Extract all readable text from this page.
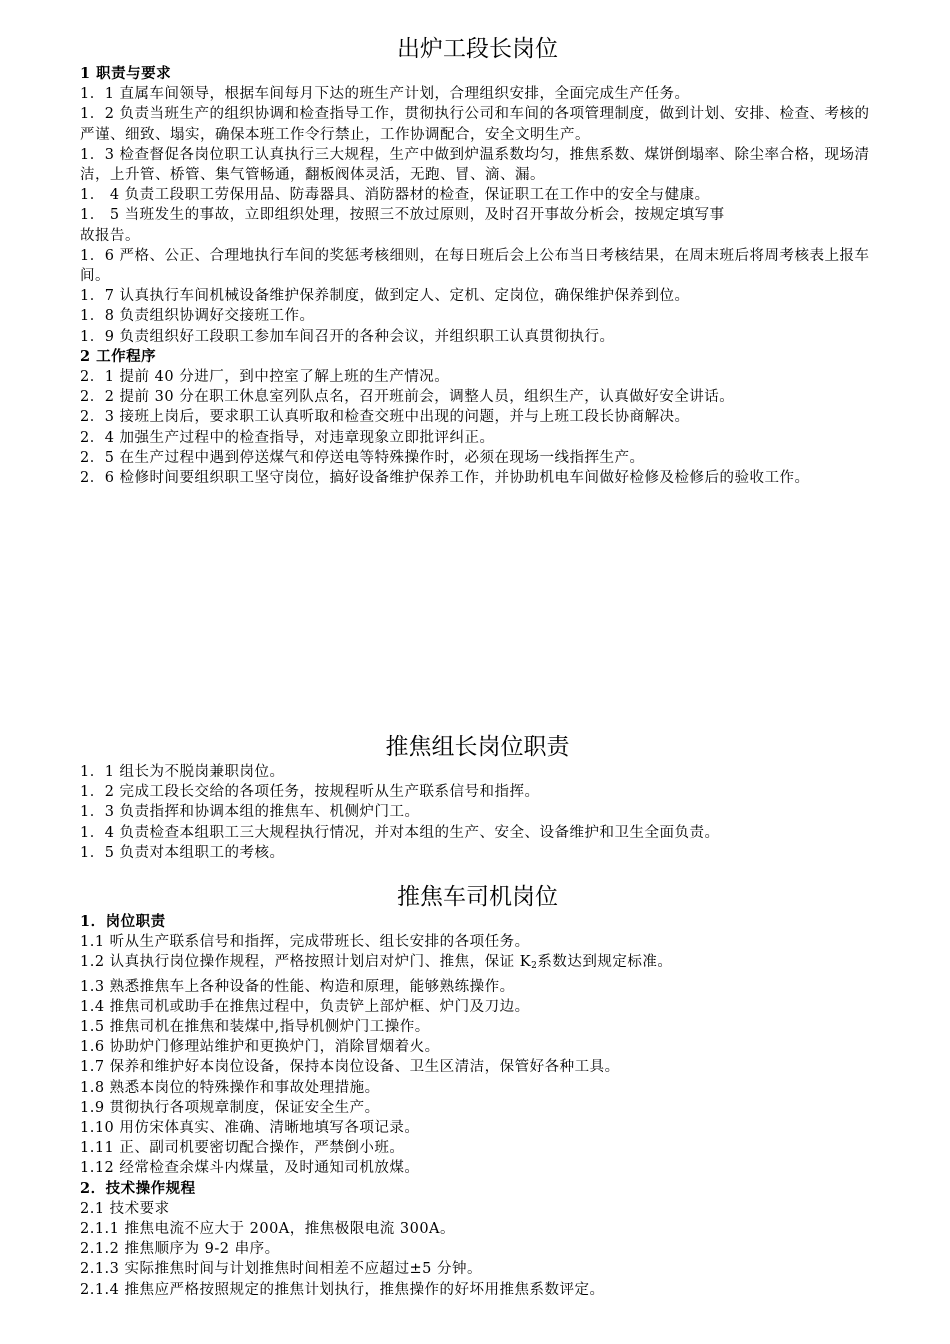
出炉工段长岗位

1 职责与要求

1．1 直属车间领导，根据车间每月下达的班生产计划，合理组织安排，全面完成生产任务。

1．2 负责当班生产的组织协调和检查指导工作，贯彻执行公司和车间的各项管理制度，做到计划、安排、检查、考核的严谨、细致、塌实，确保本班工作令行禁止，工作协调配合，安全文明生产。

1．3 检查督促各岗位职工认真执行三大规程，生产中做到炉温系数均匀，推焦系数、煤饼倒塌率、除尘率合格，现场清洁，上升管、桥管、集气管畅通，翻板阀体灵活，无跑、冒、滴、漏。

1． 4 负责工段职工劳保用品、防毒器具、消防器材的检查，保证职工在工作中的安全与健康。

1． 5 当班发生的事故，立即组织处理，按照三不放过原则，及时召开事故分析会，按规定填写事故报告。

1．6 严格、公正、合理地执行车间的奖惩考核细则，在每日班后会上公布当日考核结果，在周末班后将周考核表上报车间。

1．7 认真执行车间机械设备维护保养制度，做到定人、定机、定岗位，确保维护保养到位。

1．8 负责组织协调好交接班工作。

1．9 负责组织好工段职工参加车间召开的各种会议，并组织职工认真贯彻执行。

2 工作程序

2．1 提前 40 分进厂，到中控室了解上班的生产情况。

2．2 提前 30 分在职工休息室列队点名，召开班前会，调整人员，组织生产，认真做好安全讲话。

2．3 接班上岗后，要求职工认真听取和检查交班中出现的问题，并与上班工段长协商解决。

2．4 加强生产过程中的检查指导，对违章现象立即批评纠正。

2．5 在生产过程中遇到停送煤气和停送电等特殊操作时，必须在现场一线指挥生产。

2．6 检修时间要组织职工坚守岗位，搞好设备维护保养工作，并协助机电车间做好检修及检修后的验收工作。

推焦组长岗位职责

1．1 组长为不脱岗兼职岗位。

1．2 完成工段长交给的各项任务，按规程听从生产联系信号和指挥。

1．3 负责指挥和协调本组的推焦车、机侧炉门工。

1．4 负责检查本组职工三大规程执行情况，并对本组的生产、安全、设备维护和卫生全面负责。

1．5 负责对本组职工的考核。

推焦车司机岗位

1．岗位职责

1.1 听从生产联系信号和指挥，完成带班长、组长安排的各项任务。

1.2 认真执行岗位操作规程，严格按照计划启对炉门、推焦，保证 $K_2$系数达到规定标准。

1.3 熟悉推焦车上各种设备的性能、构造和原理，能够熟练操作。

1.4 推焦司机或助手在推焦过程中，负责铲上部炉框、炉门及刀边。

1.5 推焦司机在推焦和装煤中,指导机侧炉门工操作。

1.6 协助炉门修理站维护和更换炉门，消除冒烟着火。

1.7 保养和维护好本岗位设备，保持本岗位设备、卫生区清洁，保管好各种工具。

1.8 熟悉本岗位的特殊操作和事故处理措施。

1.9 贯彻执行各项规章制度，保证安全生产。

1.10 用仿宋体真实、准确、清晰地填写各项记录。

1.11 正、副司机要密切配合操作，严禁倒小班。

1.12 经常检查余煤斗内煤量，及时通知司机放煤。

2．技术操作规程

2.1 技术要求

2.1.1 推焦电流不应大于 200A，推焦极限电流 300A。

2.1.2 推焦顺序为 9-2 串序。

2.1.3 实际推焦时间与计划推焦时间相差不应超过±5 分钟。

2.1.4 推焦应严格按照规定的推焦计划执行，推焦操作的好坏用推焦系数评定。
